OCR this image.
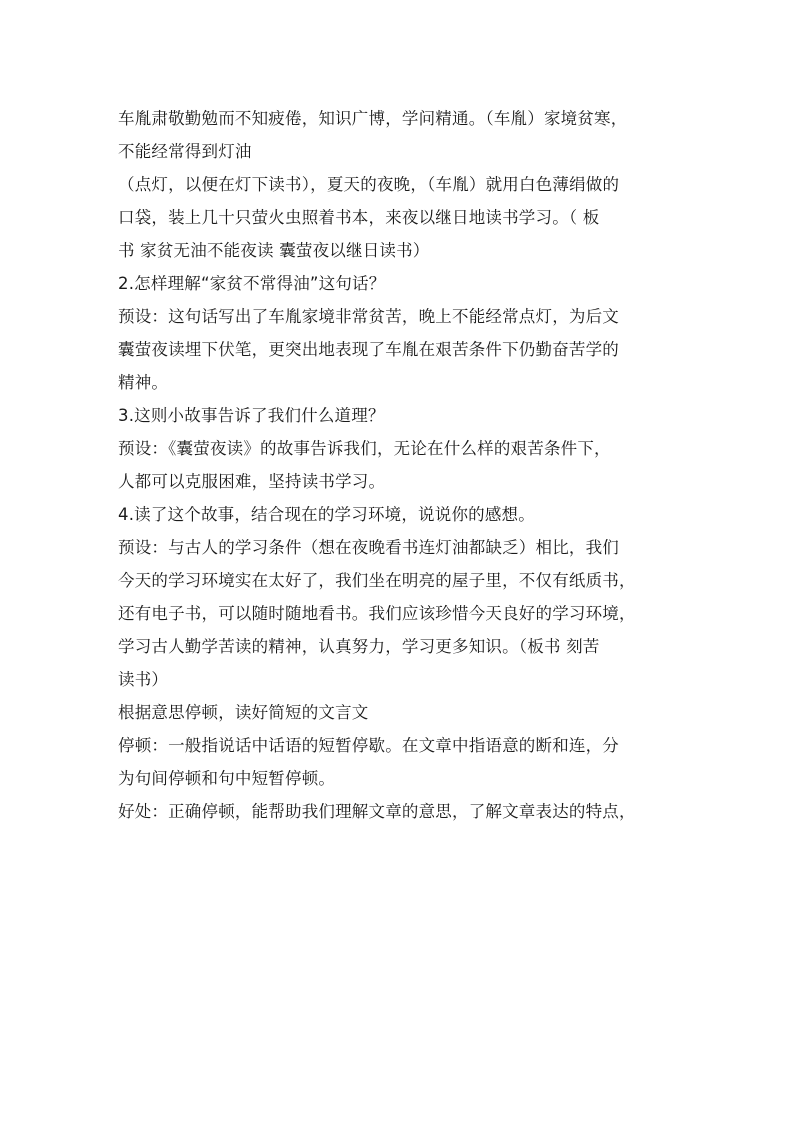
车胤肃敬勤勉而不知疲倦，知识广博，学问精通。（车胤）家境贫寒，
不能经常得到灯油
（点灯，以便在灯下读书），夏天的夜晚，（车胤）就用白色薄绢做的
口袋，装上几十只萤火虫照着书本，来夜以继日地读书学习。（ 板
书 家贫无油不能夜读 囊萤夜以继日读书）
2.怎样理解“家贫不常得油”这句话？
预设：这句话写出了车胤家境非常贫苦，晚上不能经常点灯，为后文
囊萤夜读埋下伏笔，更突出地表现了车胤在艰苦条件下仍勤奋苦学的
精神。
3.这则小故事告诉了我们什么道理？
预设：《囊萤夜读》的故事告诉我们，无论在什么样的艰苦条件下，
人都可以克服困难，坚持读书学习。
4.读了这个故事，结合现在的学习环境，说说你的感想。
预设：与古人的学习条件（想在夜晚看书连灯油都缺乏）相比，我们
今天的学习环境实在太好了，我们坐在明亮的屋子里，不仅有纸质书，
还有电子书，可以随时随地看书。我们应该珍惜今天良好的学习环境，
学习古人勤学苦读的精神，认真努力，学习更多知识。（板书 刻苦
读书）
根据意思停顿，读好简短的文言文
停顿：一般指说话中话语的短暂停歇。在文章中指语意的断和连，分
为句间停顿和句中短暂停顿。
好处：正确停顿，能帮助我们理解文章的意思，了解文章表达的特点，
